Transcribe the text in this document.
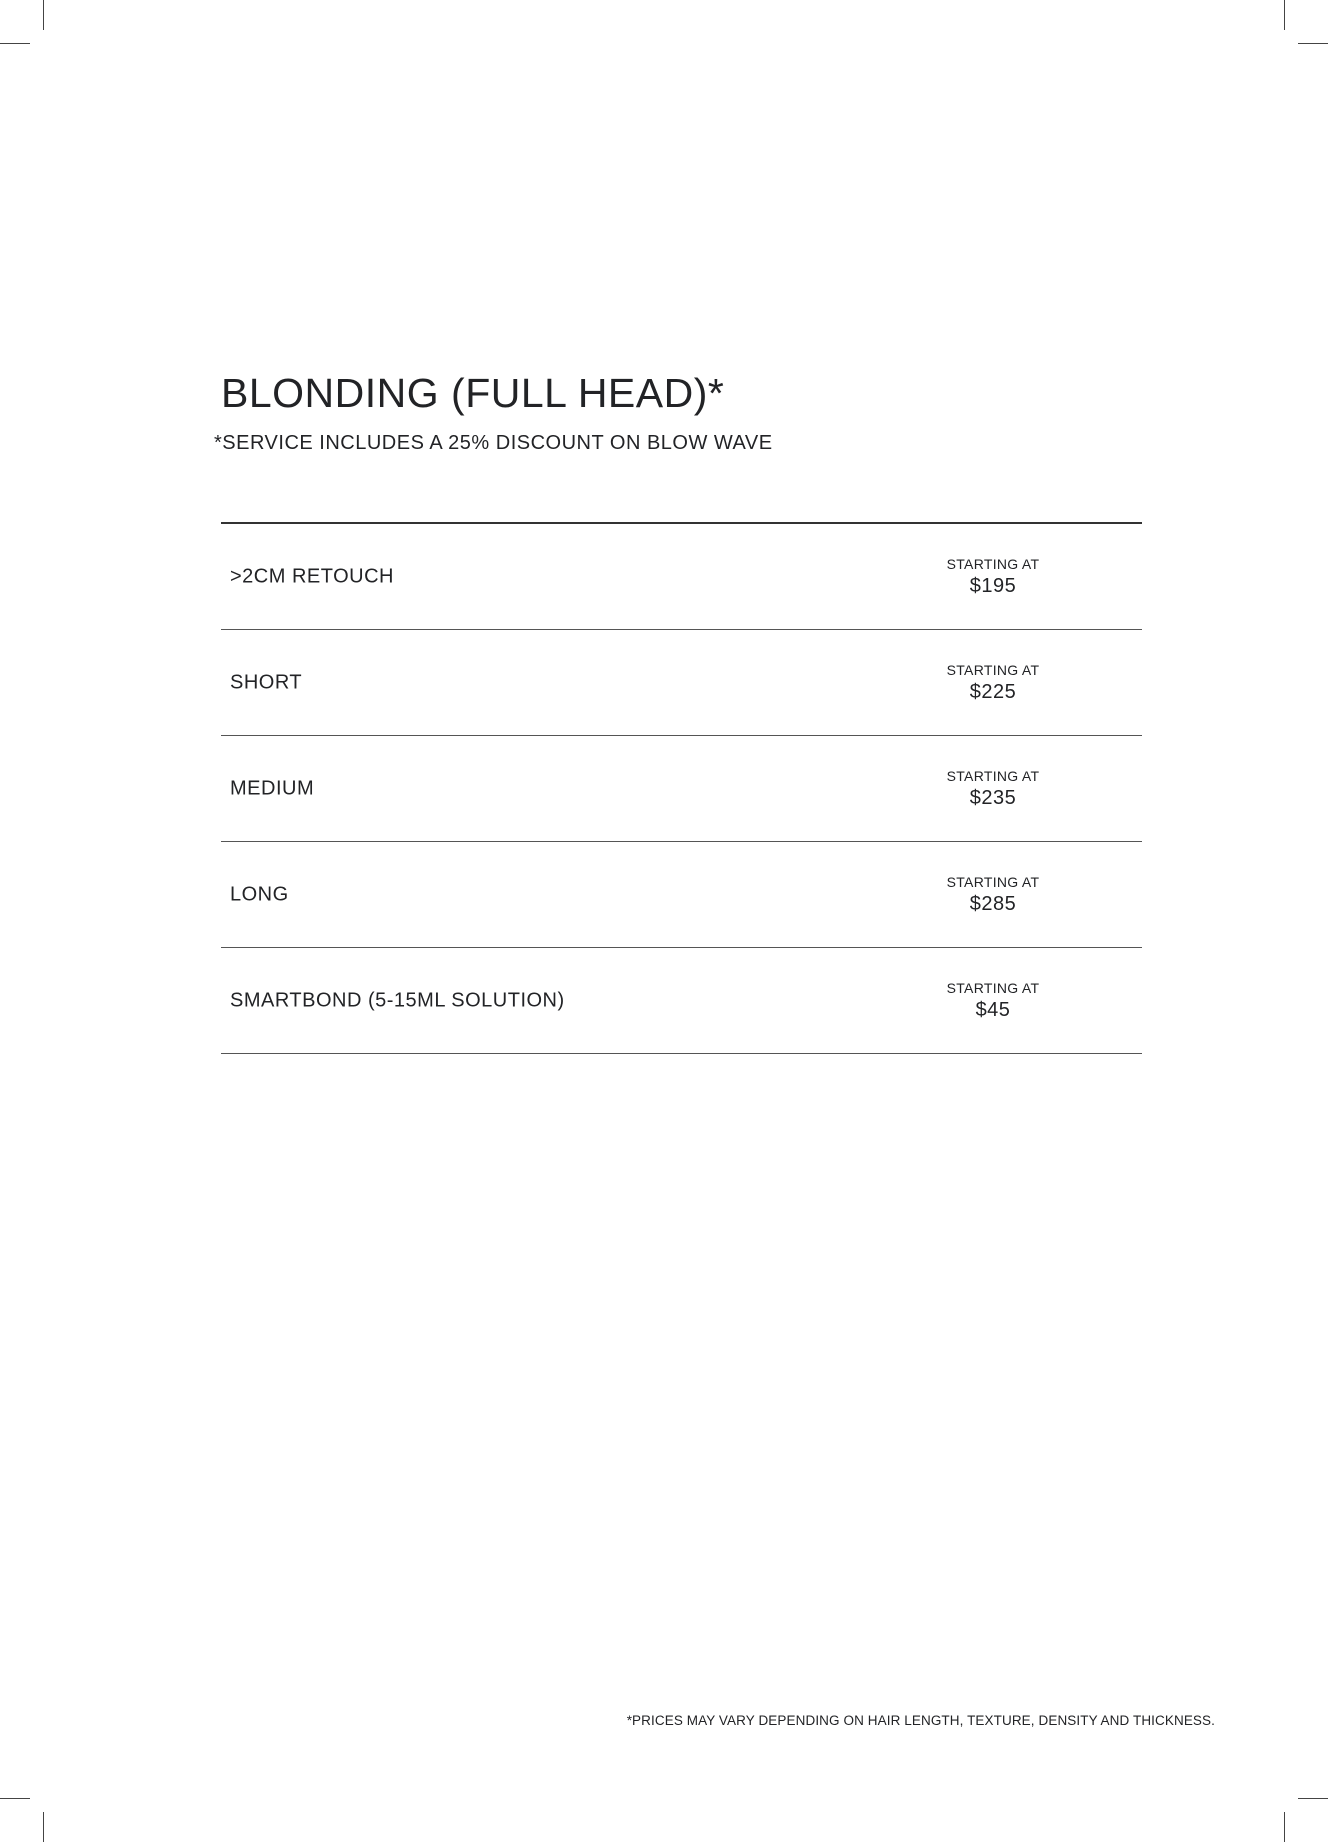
BLONDING (FULL HEAD)*
*SERVICE INCLUDES A 25% DISCOUNT ON BLOW WAVE
>2CM RETOUCH
STARTING AT
$195
SHORT
STARTING AT
$225
MEDIUM
STARTING AT
$235
LONG
STARTING AT
$285
SMARTBOND (5-15ML SOLUTION)
STARTING AT
$45
*PRICES MAY VARY DEPENDING ON HAIR LENGTH, TEXTURE, DENSITY AND THICKNESS.
